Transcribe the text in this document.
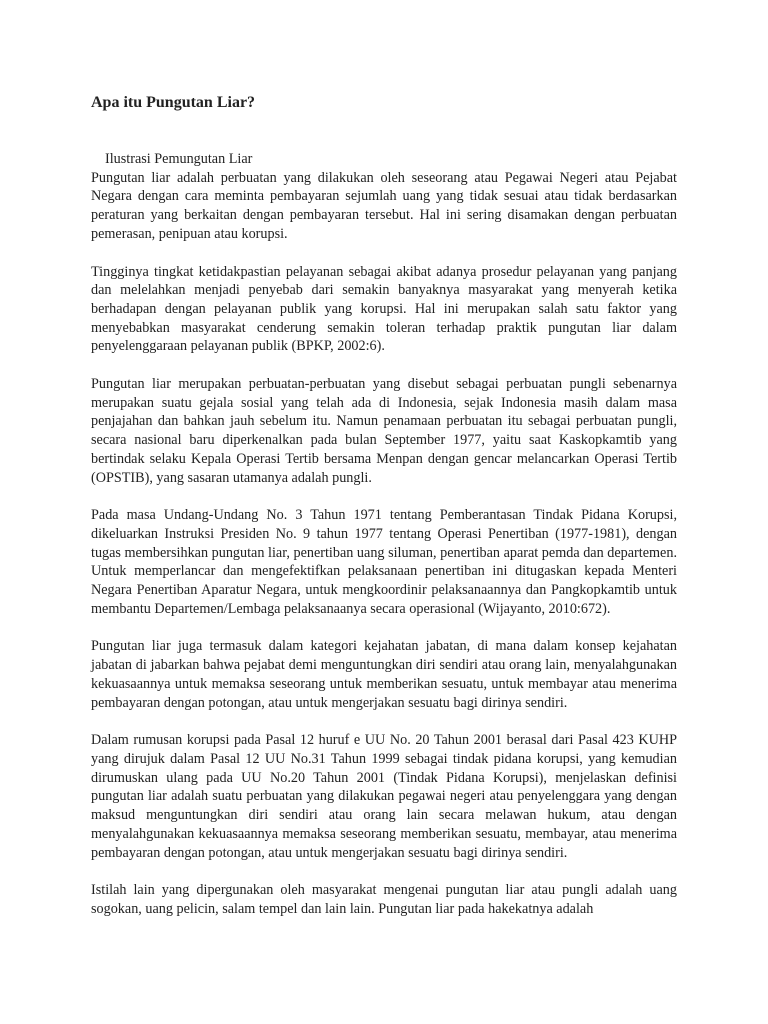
Apa itu Pungutan Liar?

Ilustrasi Pemungutan Liar

Pungutan liar adalah perbuatan yang dilakukan oleh seseorang atau Pegawai Negeri atau Pejabat Negara dengan cara meminta pembayaran sejumlah uang yang tidak sesuai atau tidak berdasarkan peraturan yang berkaitan dengan pembayaran tersebut. Hal ini sering disamakan dengan perbuatan pemerasan, penipuan atau korupsi.

Tingginya tingkat ketidakpastian pelayanan sebagai akibat adanya prosedur pelayanan yang panjang dan melelahkan menjadi penyebab dari semakin banyaknya masyarakat yang menyerah ketika berhadapan dengan pelayanan publik yang korupsi. Hal ini merupakan salah satu faktor yang menyebabkan masyarakat cenderung semakin toleran terhadap praktik pungutan liar dalam penyelenggaraan pelayanan publik (BPKP, 2002:6).

Pungutan liar merupakan perbuatan-perbuatan yang disebut sebagai perbuatan pungli sebenarnya merupakan suatu gejala sosial yang telah ada di Indonesia, sejak Indonesia masih dalam masa penjajahan dan bahkan jauh sebelum itu. Namun penamaan perbuatan itu sebagai perbuatan pungli, secara nasional baru diperkenalkan pada bulan September 1977, yaitu saat Kaskopkamtib yang bertindak selaku Kepala Operasi Tertib bersama Menpan dengan gencar melancarkan Operasi Tertib (OPSTIB), yang sasaran utamanya adalah pungli.

Pada masa Undang-Undang No. 3 Tahun 1971 tentang Pemberantasan Tindak Pidana Korupsi, dikeluarkan Instruksi Presiden No. 9 tahun 1977 tentang Operasi Penertiban (1977-1981), dengan tugas membersihkan pungutan liar, penertiban uang siluman, penertiban aparat pemda dan departemen. Untuk memperlancar dan mengefektifkan pelaksanaan penertiban ini ditugaskan kepada Menteri Negara Penertiban Aparatur Negara, untuk mengkoordinir pelaksanaannya dan Pangkopkamtib untuk membantu Departemen/Lembaga pelaksanaanya secara operasional (Wijayanto, 2010:672).

Pungutan liar juga termasuk dalam kategori kejahatan jabatan, di mana dalam konsep kejahatan jabatan di jabarkan bahwa pejabat demi menguntungkan diri sendiri atau orang lain, menyalahgunakan kekuasaannya untuk memaksa seseorang untuk memberikan sesuatu, untuk membayar atau menerima pembayaran dengan potongan, atau untuk mengerjakan sesuatu bagi dirinya sendiri.

Dalam rumusan korupsi pada Pasal 12 huruf e UU No. 20 Tahun 2001 berasal dari Pasal 423 KUHP yang dirujuk dalam Pasal 12 UU No.31 Tahun 1999 sebagai tindak pidana korupsi, yang kemudian dirumuskan ulang pada UU No.20 Tahun 2001 (Tindak Pidana Korupsi), menjelaskan definisi pungutan liar adalah suatu perbuatan yang dilakukan pegawai negeri atau penyelenggara yang dengan maksud menguntungkan diri sendiri atau orang lain secara melawan hukum, atau dengan menyalahgunakan kekuasaannya memaksa seseorang memberikan sesuatu, membayar, atau menerima pembayaran dengan potongan, atau untuk mengerjakan sesuatu bagi dirinya sendiri.

Istilah lain yang dipergunakan oleh masyarakat mengenai pungutan liar atau pungli adalah uang sogokan, uang pelicin, salam tempel dan lain lain. Pungutan liar pada hakekatnya adalah
